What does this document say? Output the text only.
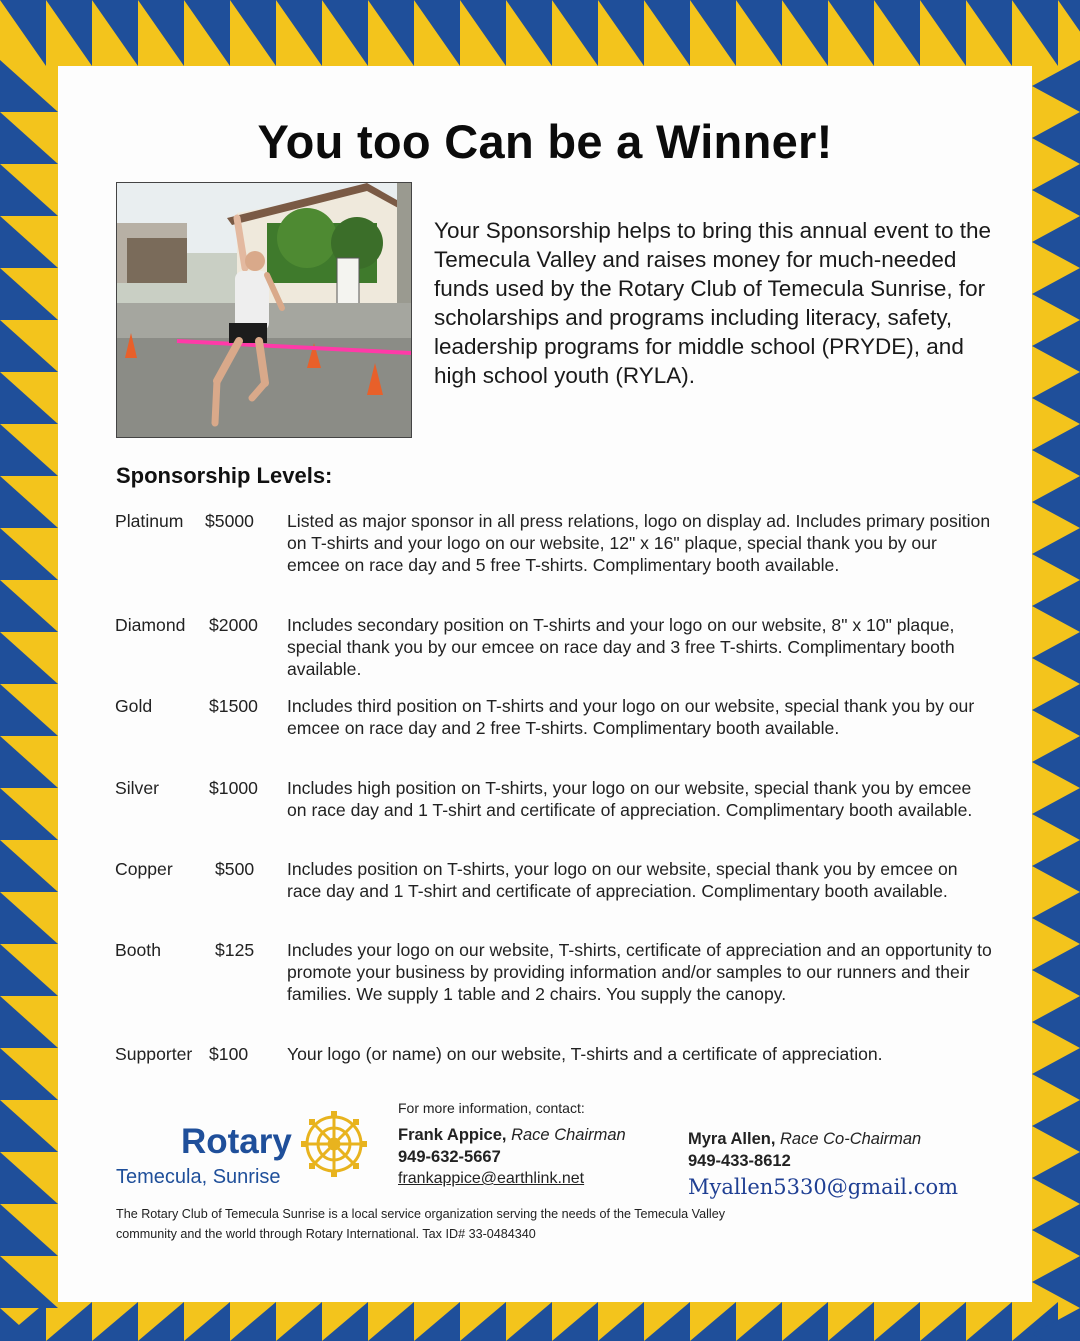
You too Can be a Winner!
Your Sponsorship helps to bring this annual event to the Temecula Valley and raises money for much-needed funds used by the Rotary Club of Temecula Sunrise, for scholarships and programs including literacy, safety, leadership programs for middle school (PRYDE), and high school youth (RYLA).
Sponsorship Levels:
Platinum $5000 Listed as major sponsor in all press relations, logo on display ad. Includes primary position on T-shirts and your logo on our website, 12" x 16" plaque, special thank you by our emcee on race day and 5 free T-shirts. Complimentary booth available.
Diamond $2000 Includes secondary position on T-shirts and your logo on our website, 8" x 10" plaque, special thank you by our emcee on race day and 3 free T-shirts. Complimentary booth available.
Gold	$1500 Includes third position on T-shirts and your logo on our website, special thank you by our emcee on race day and 2 free T-shirts. Complimentary booth available.
Silver	$1000 Includes high position on T-shirts, your logo on our website, special thank you by emcee on race day and 1 T-shirt and certificate of appreciation. Complimentary booth available.
Copper $500 Includes position on T-shirts, your logo on our website, special thank you by emcee on race day and 1 T-shirt and certificate of appreciation. Complimentary booth available.
Booth	$125 Includes your logo on our website, T-shirts, certificate of appreciation and an opportunity to promote your business by providing information and/or samples to our runners and their families. We supply 1 table and 2 chairs. You supply the canopy.
Supporter $100 Your logo (or name) on our website, T-shirts and a certificate of appreciation.
Rotary
Temecula, Sunrise
For more information, contact:
Frank Appice, Race Chairman
949-632-5667
frankappice@earthlink.net
Myra Allen, Race Co-Chairman
949-433-8612
Myallen5330@gmail.com
The Rotary Club of Temecula Sunrise is a local service organization serving the needs of the Temecula Valley community and the world through Rotary International. Tax ID# 33-0484340
